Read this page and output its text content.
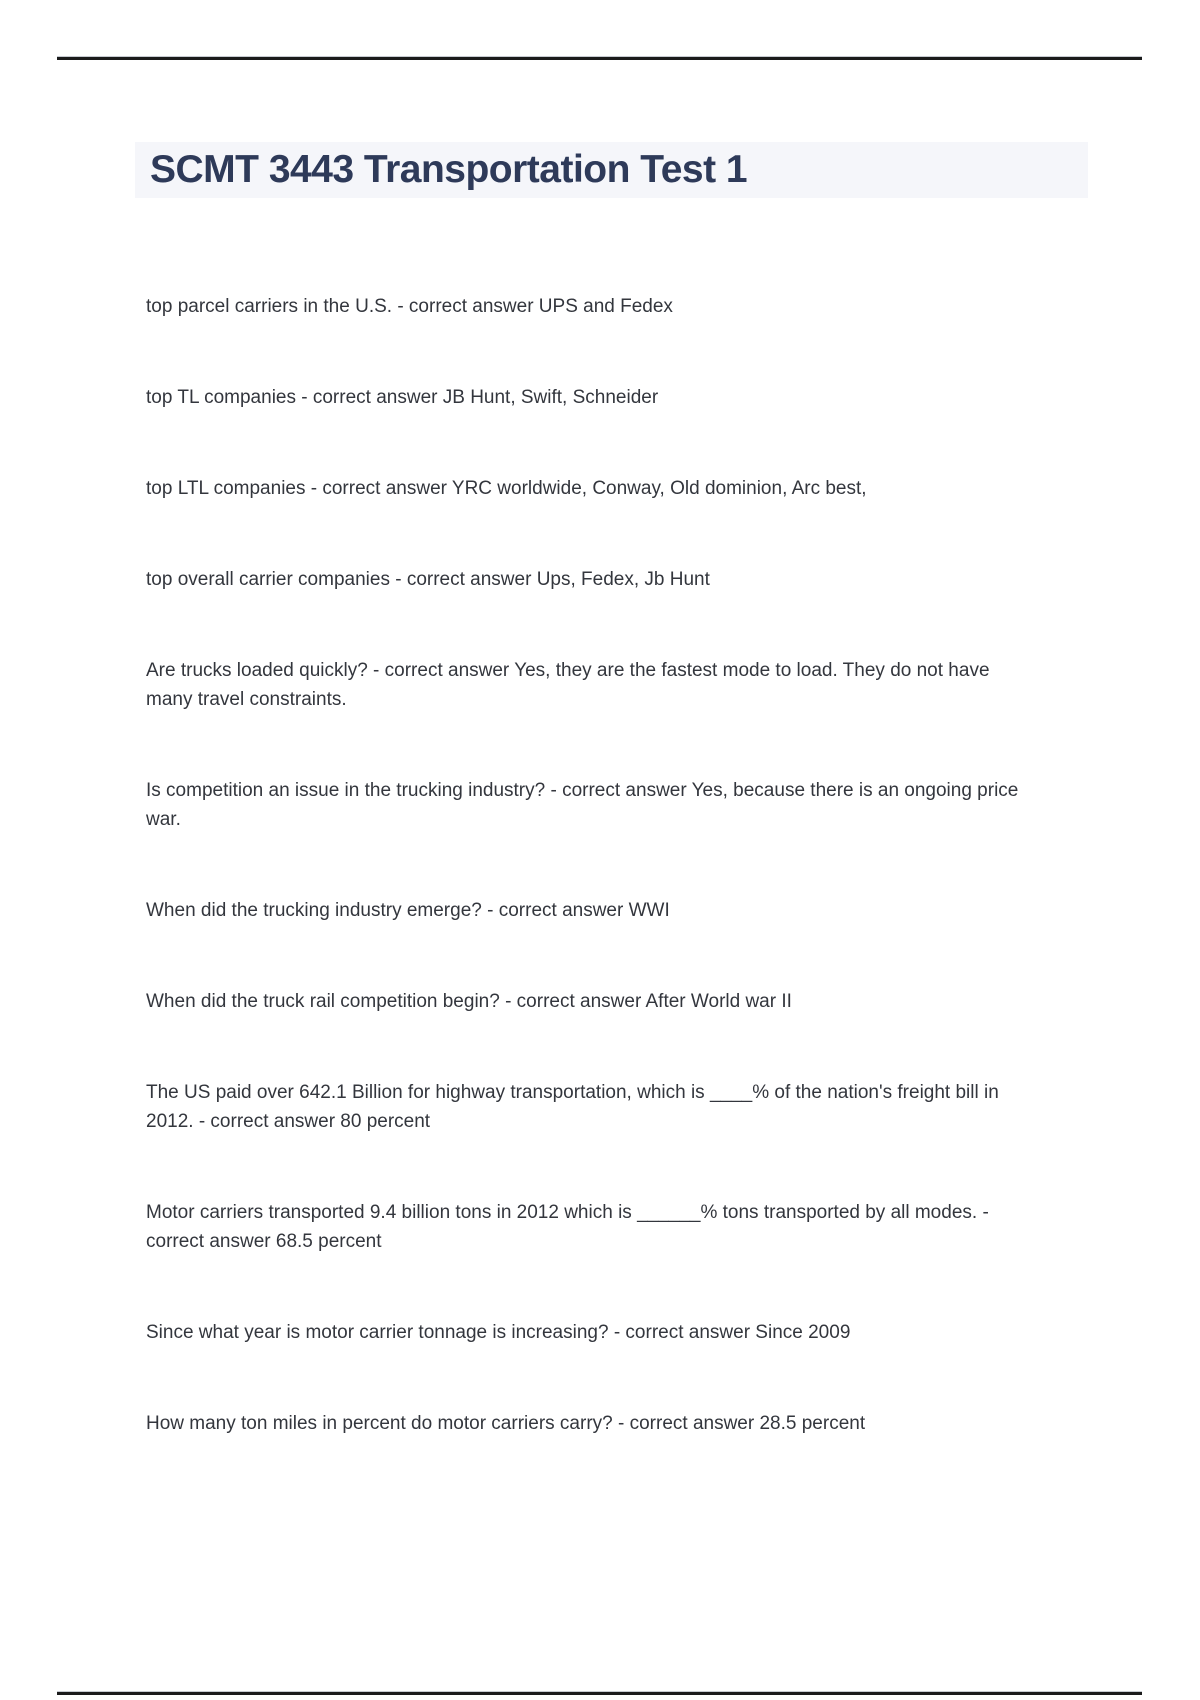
SCMT 3443 Transportation Test 1

top parcel carriers in the U.S. - correct answer UPS and Fedex

top TL companies - correct answer JB Hunt, Swift, Schneider

top LTL companies - correct answer YRC worldwide, Conway, Old dominion, Arc best,

top overall carrier companies - correct answer Ups, Fedex, Jb Hunt

Are trucks loaded quickly? - correct answer Yes, they are the fastest mode to load. They do not have
many travel constraints.

Is competition an issue in the trucking industry? - correct answer Yes, because there is an ongoing price
war.

When did the trucking industry emerge? - correct answer WWI

When did the truck rail competition begin? - correct answer After World war II

The US paid over 642.1 Billion for highway transportation, which is ____% of the nation's freight bill in
2012. - correct answer 80 percent

Motor carriers transported 9.4 billion tons in 2012 which is ______% tons transported by all modes. -
correct answer 68.5 percent

Since what year is motor carrier tonnage is increasing? - correct answer Since 2009

How many ton miles in percent do motor carriers carry? - correct answer 28.5 percent
